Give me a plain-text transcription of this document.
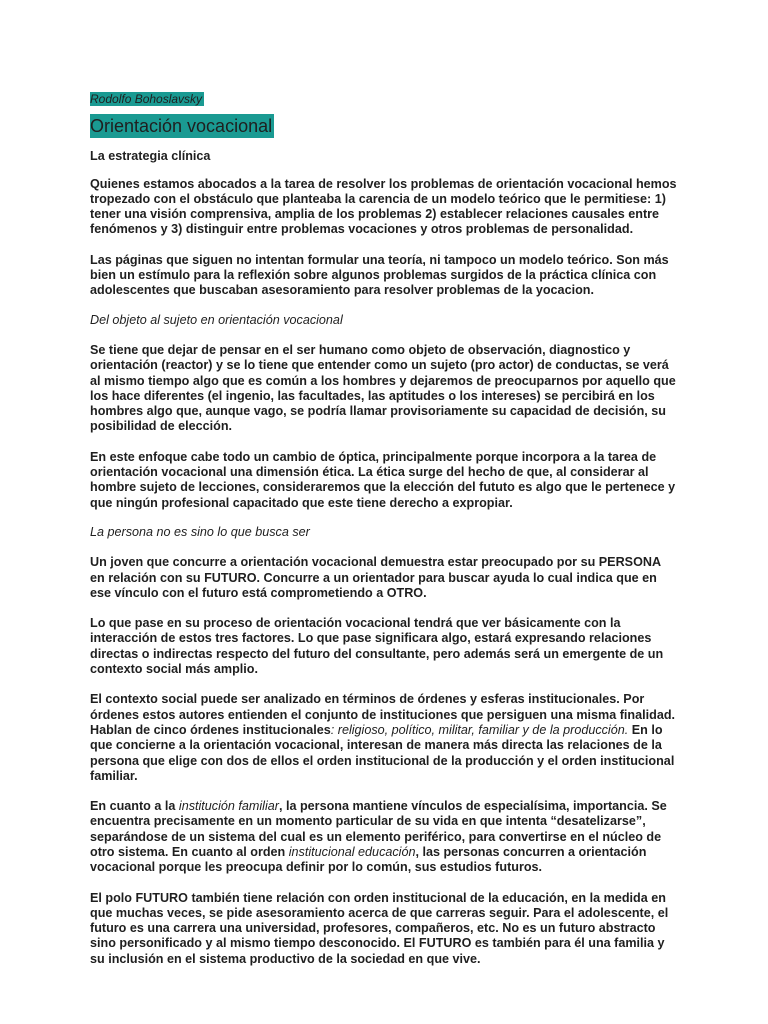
Rodolfo Bohoslavsky
Orientación vocacional
La estrategia clínica

Quienes estamos abocados a la tarea de resolver los problemas de orientación vocacional hemos tropezado con el obstáculo que planteaba la carencia de un modelo teórico que le permitiese: 1) tener una visión comprensiva, amplia de los problemas 2) establecer relaciones causales entre fenómenos y 3) distinguir entre problemas vocaciones y otros problemas de personalidad.

Las páginas que siguen no intentan formular una teoría, ni tampoco un modelo teórico. Son más bien un estímulo para la reflexión sobre algunos problemas surgidos de la práctica clínica con adolescentes que buscaban asesoramiento para resolver problemas de la yocacion.

Del objeto al sujeto en orientación vocacional

Se tiene que dejar de pensar en el ser humano como objeto de observación, diagnostico y orientación (reactor) y se lo tiene que entender como un sujeto (pro actor) de conductas, se verá al mismo tiempo algo que es común a los hombres y dejaremos de preocuparnos por aquello que los hace diferentes (el ingenio, las facultades, las aptitudes o los intereses) se percibirá en los hombres algo que, aunque vago, se podría llamar provisoriamente su capacidad de decisión, su posibilidad de elección.

En este enfoque cabe todo un cambio de óptica, principalmente porque incorpora a la tarea de orientación vocacional una dimensión ética. La ética surge del hecho de que, al considerar al hombre sujeto de lecciones, consideraremos que la elección del fututo es algo que le pertenece y que ningún profesional capacitado que este tiene derecho a expropiar.

La persona no es sino lo que busca ser

Un joven que concurre a orientación vocacional demuestra estar preocupado por su PERSONA en relación con su FUTURO. Concurre a un orientador para buscar ayuda lo cual indica que en ese vínculo con el futuro está comprometiendo a OTRO.

Lo que pase en su proceso de orientación vocacional tendrá que ver básicamente con la interacción de estos tres factores. Lo que pase significara algo, estará expresando relaciones directas o indirectas respecto del futuro del consultante, pero además será un emergente de un contexto social más amplio.

El contexto social puede ser analizado en términos de órdenes y esferas institucionales. Por órdenes estos autores entienden el conjunto de instituciones que persiguen una misma finalidad. Hablan de cinco órdenes institucionales: religioso, político, militar, familiar y de la producción. En lo que concierne a la orientación vocacional, interesan de manera más directa las relaciones de la persona que elige con dos de ellos el orden institucional de la producción y el orden institucional familiar.

En cuanto a la institución familiar, la persona mantiene vínculos de especialísima, importancia. Se encuentra precisamente en un momento particular de su vida en que intenta “desatelizarse”, separándose de un sistema del cual es un elemento periférico, para convertirse en el núcleo de otro sistema. En cuanto al orden institucional educación, las personas concurren a orientación vocacional porque les preocupa definir por lo común, sus estudios futuros.

El polo FUTURO también tiene relación con orden institucional de la educación, en la medida en que muchas veces, se pide asesoramiento acerca de que carreras seguir. Para el adolescente, el futuro es una carrera una universidad, profesores, compañeros, etc. No es un futuro abstracto sino personificado y al mismo tiempo desconocido. El FUTURO es también para él una familia y su inclusión en el sistema productivo de la sociedad en que vive.
